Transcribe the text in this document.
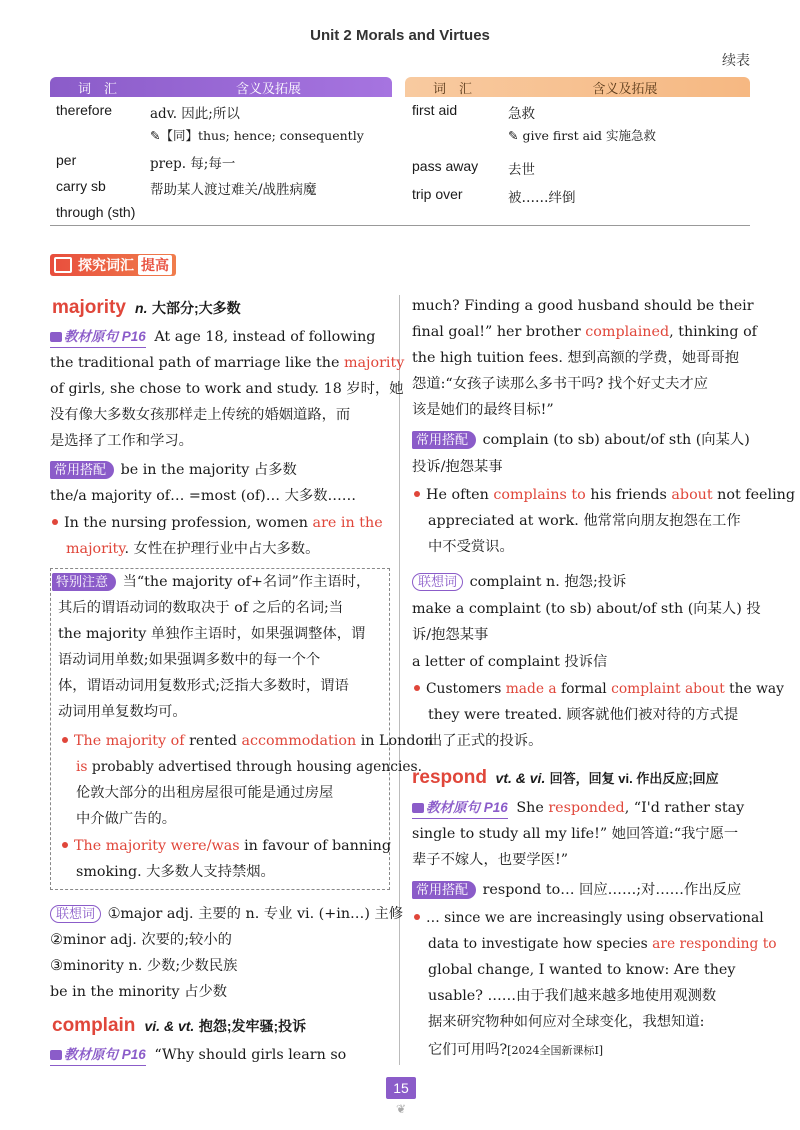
Unit 2 Morals and Virtues
续表
词　汇	含义及拓展
therefore	adv. 因此;所以
✎【同】thus; hence; consequently
per	prep. 每;每一
carry sb	帮助某人渡过难关/战胜病魔
through (sth)
词　汇	含义及拓展
first aid	急救
✎ give first aid 实施急救
pass away 去世
trip over	被……绊倒
探究词汇 提高
majority n. 大部分;大多数
教材原句 P16 At age 18, instead of following
the traditional path of marriage like the majority
of girls, she chose to work and study. 18 岁时，她
没有像大多数女孩那样走上传统的婚姻道路，而
是选择了工作和学习。
常用搭配 be in the majority 占多数
the/a majority of… =most (of)… 大多数……
In the nursing profession, women are in the
majority. 女性在护理行业中占大多数。
特别注意 当“the majority of+名词”作主语时，
其后的谓语动词的数取决于 of 之后的名词;当
the majority 单独作主语时，如果强调整体，谓
语动词用单数;如果强调多数中的每一个个
体，谓语动词用复数形式;泛指大多数时，谓语
动词用单复数均可。
The majority of rented accommodation in London
is probably advertised through housing agencies.
伦敦大部分的出租房屋很可能是通过房屋
中介做广告的。
The majority were/was in favour of banning
smoking. 大多数人支持禁烟。
联想词 ①major adj. 主要的 n. 专业 vi. (+in…) 主修
②minor adj. 次要的;较小的
③minority n. 少数;少数民族
be in the minority 占少数
complain vi. & vt. 抱怨;发牢骚;投诉
教材原句 P16 “Why should girls learn so
much? Finding a good husband should be their
final goal!” her brother complained, thinking of
the high tuition fees. 想到高额的学费，她哥哥抱
怨道:“女孩子读那么多书干吗? 找个好丈夫才应
该是她们的最终目标!”
常用搭配 complain (to sb) about/of sth (向某人)
投诉/抱怨某事
He often complains to his friends about not feeling
appreciated at work. 他常常向朋友抱怨在工作
中不受赏识。
联想词 complaint n. 抱怨;投诉
make a complaint (to sb) about/of sth (向某人) 投
诉/抱怨某事
a letter of complaint 投诉信
Customers made a formal complaint about the way
they were treated. 顾客就他们被对待的方式提
出了正式的投诉。
respond vt. & vi. 回答，回复 vi. 作出反应;回应
教材原句 P16 She responded, “I'd rather stay
single to study all my life!” 她回答道:“我宁愿一
辈子不嫁人，也要学医!”
常用搭配 respond to… 回应……;对……作出反应
… since we are increasingly using observational
data to investigate how species are responding to
global change, I wanted to know: Are they
usable? ……由于我们越来越多地使用观测数
据来研究物种如何应对全球变化，我想知道:
它们可用吗?[2024全国新课标Ⅰ]
15
❦
